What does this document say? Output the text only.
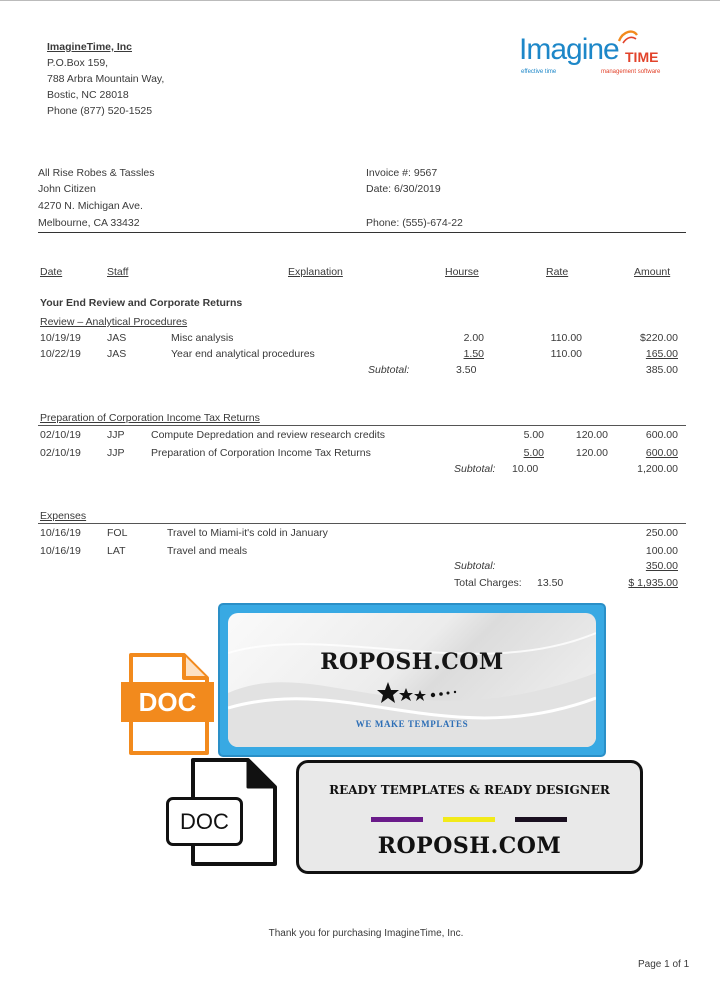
ImagineTime, Inc
P.O.Box 159,
788 Arbra Mountain Way,
Bostic, NC 28018
Phone (877) 520-1525
Imagine TIME
effective time	management software
All Rise Robes & Tassles
John Citizen
4270 N. Michigan Ave.
Melbourne, CA 33432
Invoice #: 9567
Date: 6/30/2019
Phone: (555)-674-22
Date	Staff	Explanation	Hourse	Rate	Amount
Your End Review and Corporate Returns
Review – Analytical Procedures
10/19/19 JAS	Misc analysis	2.00	110.00	$220.00
10/22/19 JAS	Year end analytical procedures	1.50	110.00	165.00
Subtotal:	3.50	385.00
Preparation of Corporation Income Tax Returns
02/10/19 JJP	Compute Depredation and review research credits	5.00	120.00	600.00
02/10/19 JJP	Preparation of Corporation Income Tax Returns	5.00	120.00	600.00
Subtotal: 10.00	1,200.00
Expenses
10/16/19 FOL	Travel to Miami-it's cold in January	250.00
10/16/19 LAT	Travel and meals	100.00
Subtotal:	350.00
Total Charges: 13.50	$ 1,935.00
ROPOSH.COM
WE MAKE TEMPLATES
DOC
DOC
READY TEMPLATES & READY DESIGNER
ROPOSH.COM
Thank you for purchasing ImagineTime, Inc.
Page 1 of 1
